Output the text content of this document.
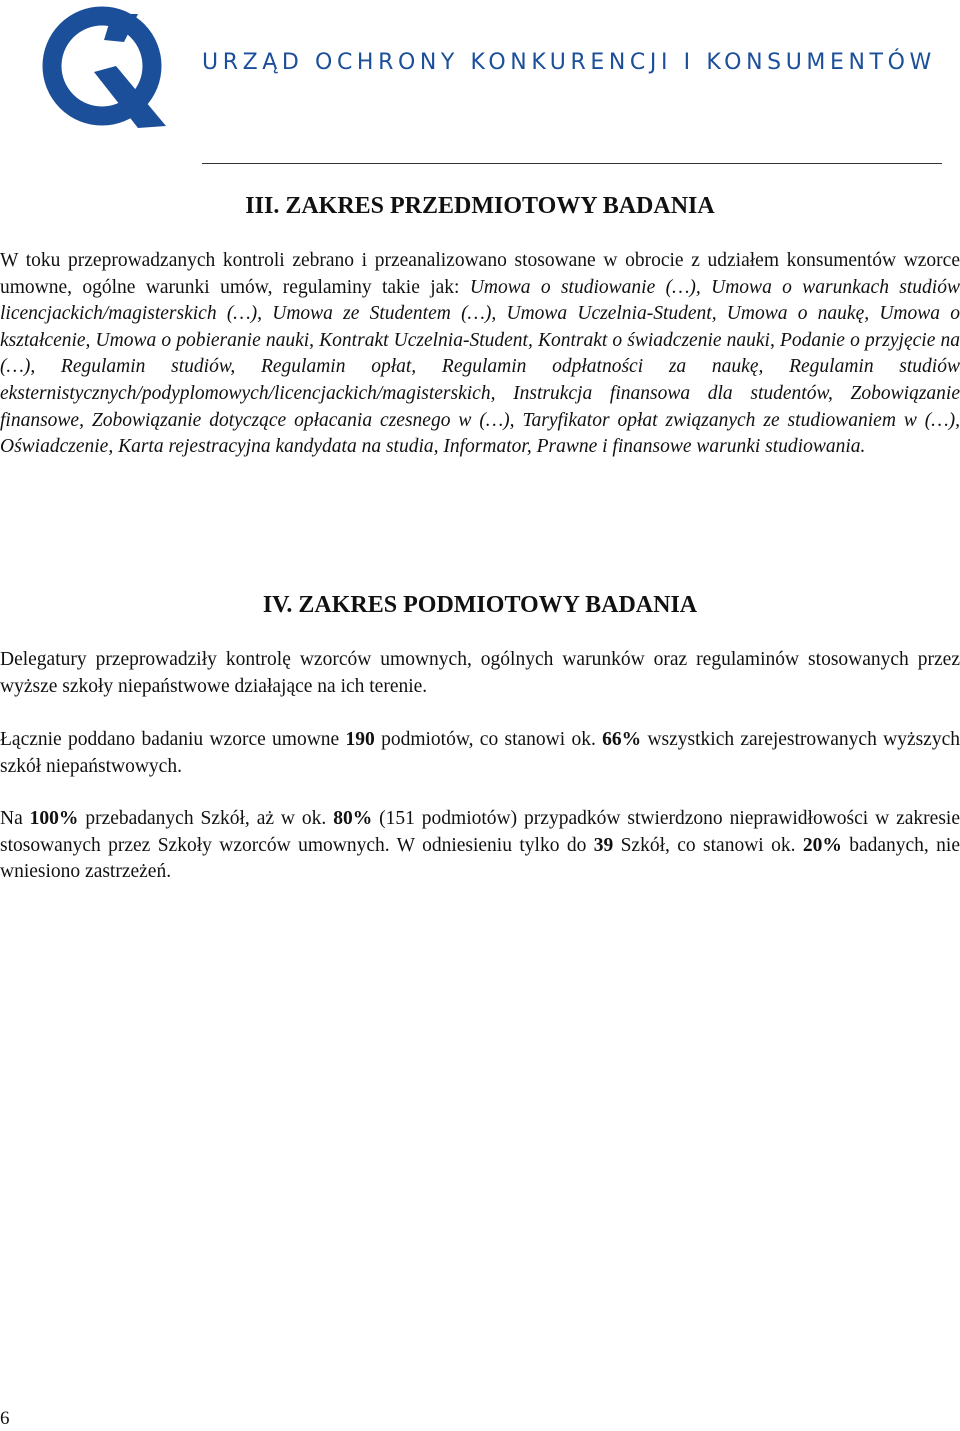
URZĄD OCHRONY KONKURENCJI I KONSUMENTÓW
III. ZAKRES PRZEDMIOTOWY BADANIA

W toku przeprowadzanych kontroli zebrano i przeanalizowano stosowane w obrocie z udziałem konsumentów wzorce umowne, ogólne warunki umów, regulaminy takie jak: Umowa o studiowanie (…), Umowa o warunkach studiów licencjackich/magisterskich (…), Umowa ze Studentem (…), Umowa Uczelnia-Student, Umowa o naukę, Umowa o kształcenie, Umowa o pobieranie nauki, Kontrakt Uczelnia-Student, Kontrakt o świadczenie nauki, Podanie o przyjęcie na (…), Regulamin studiów, Regulamin opłat, Regulamin odpłatności za naukę, Regulamin studiów eksternistycznych/podyplomowych/licencjackich/magisterskich, Instrukcja finansowa dla studentów, Zobowiązanie finansowe, Zobowiązanie dotyczące opłacania czesnego w (…), Taryfikator opłat związanych ze studiowaniem w (…), Oświadczenie, Karta rejestracyjna kandydata na studia, Informator, Prawne i finansowe warunki studiowania.

IV. ZAKRES PODMIOTOWY BADANIA

Delegatury przeprowadziły kontrolę wzorców umownych, ogólnych warunków oraz regulaminów stosowanych przez wyższe szkoły niepaństwowe działające na ich terenie.

Łącznie poddano badaniu wzorce umowne 190 podmiotów, co stanowi ok. 66% wszystkich zarejestrowanych wyższych szkół niepaństwowych.

Na 100% przebadanych Szkół, aż w ok. 80% (151 podmiotów) przypadków stwierdzono nieprawidłowości w zakresie stosowanych przez Szkoły wzorców umownych. W odniesieniu tylko do 39 Szkół, co stanowi ok. 20% badanych, nie wniesiono zastrzeżeń.

6
